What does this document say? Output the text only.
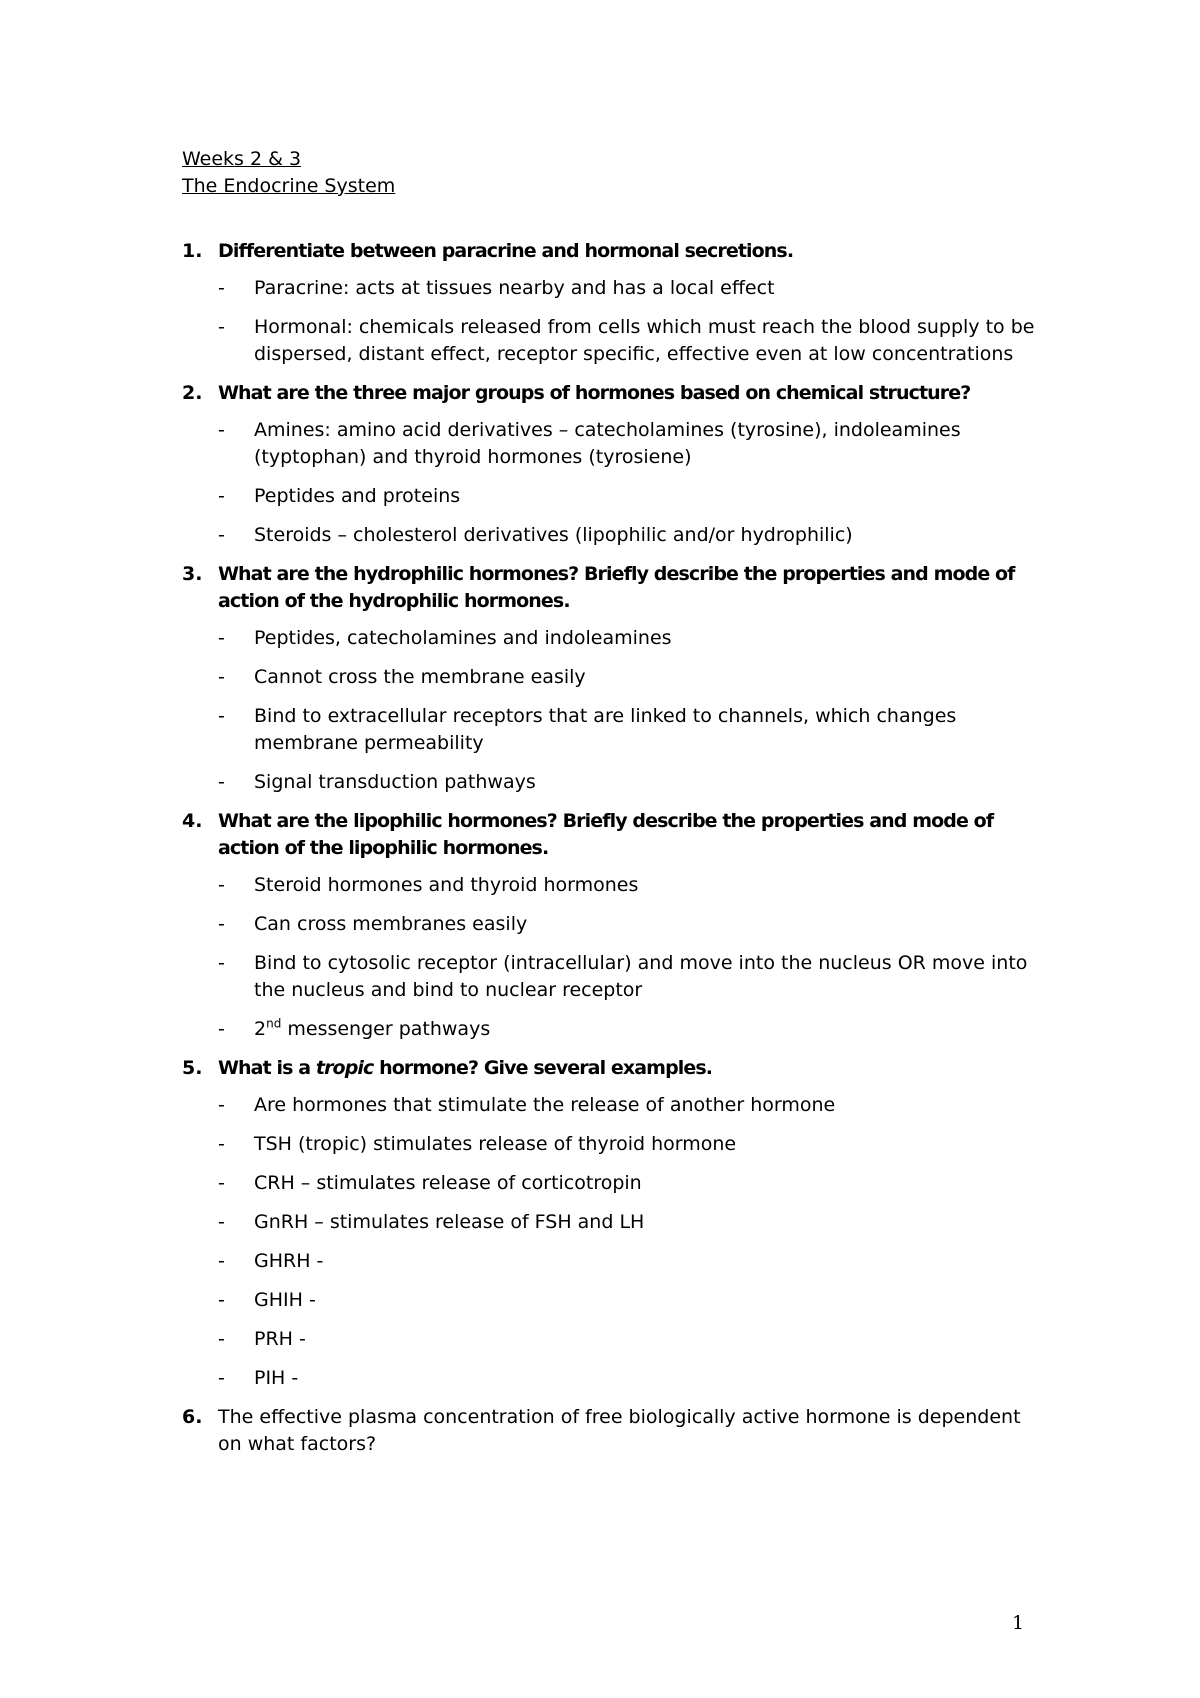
Weeks 2 & 3
The Endocrine System
1. Differentiate between paracrine and hormonal secretions.
-	Paracrine: acts at tissues nearby and has a local effect
-	Hormonal: chemicals released from cells which must reach the blood supply to be dispersed, distant effect, receptor specific, effective even at low concentrations
2. What are the three major groups of hormones based on chemical structure?
-	Amines: amino acid derivatives – catecholamines (tyrosine), indoleamines (typtophan) and thyroid hormones (tyrosiene)
-	Peptides and proteins
-	Steroids – cholesterol derivatives (lipophilic and/or hydrophilic)
3. What are the hydrophilic hormones? Briefly describe the properties and mode of action of the hydrophilic hormones.
-	Peptides, catecholamines and indoleamines
-	Cannot cross the membrane easily
-	Bind to extracellular receptors that are linked to channels, which changes membrane permeability
-	Signal transduction pathways
4. What are the lipophilic hormones? Briefly describe the properties and mode of action of the lipophilic hormones.
-	Steroid hormones and thyroid hormones
-	Can cross membranes easily
-	Bind to cytosolic receptor (intracellular) and move into the nucleus OR move into the nucleus and bind to nuclear receptor
-	2nd messenger pathways
5. What is a tropic hormone? Give several examples.
-	Are hormones that stimulate the release of another hormone
-	TSH (tropic) stimulates release of thyroid hormone
-	CRH – stimulates release of corticotropin
-	GnRH – stimulates release of FSH and LH
-	GHRH -
-	GHIH -
-	PRH -
-	PIH -
6. The effective plasma concentration of free biologically active hormone is dependent on what factors?
1
